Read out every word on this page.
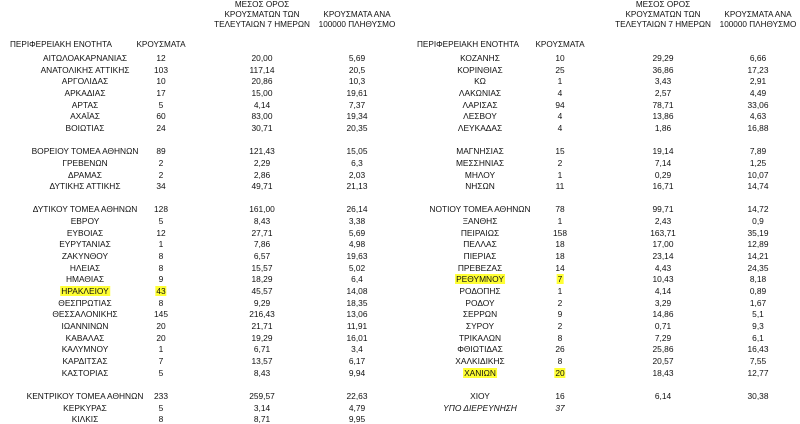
ΠΕΡΙΦΕΡΕΙΑΚΗ ΕΝΟΤΗΤΑ	ΚΡΟΥΣΜΑΤΑ
ΜΕΣΟΣ ΟΡΟΣ
ΚΡΟΥΣΜΑΤΩΝ ΤΩΝ
ΤΕΛΕΥΤΑΙΩΝ 7 ΗΜΕΡΩΝ
ΚΡΟΥΣΜΑΤΑ ΑΝΑ
100000 ΠΛΗΘΥΣΜΟ
ΠΕΡΙΦΕΡΕΙΑΚΗ ΕΝΟΤΗΤΑ ΚΡΟΥΣΜΑΤΑ
ΜΕΣΟΣ ΟΡΟΣ
ΚΡΟΥΣΜΑΤΩΝ ΤΩΝ
ΤΕΛΕΥΤΑΙΩΝ 7 ΗΜΕΡΩΝ
ΚΡΟΥΣΜΑΤΑ ΑΝΑ
100000 ΠΛΗΘΥΣΜΟ
ΑΙΤΩΛΟΑΚΑΡΝΑΝΙΑΣ	12	20,00	5,69
ΑΝΑΤΟΛΙΚΗΣ ΑΤΤΙΚΗΣ	103	117,14	20,5
ΑΡΓΟΛΙΔΑΣ	10	20,86	10,3
ΑΡΚΑΔΙΑΣ	17	15,00	19,61
ΑΡΤΑΣ	5	4,14	7,37
ΑΧΑΪΑΣ	60	83,00	19,34
ΒΟΙΩΤΙΑΣ	24	30,71	20,35
ΒΟΡΕΙΟΥ ΤΟΜΕΑ ΑΘΗΝΩΝ 89	121,43	15,05
ΓΡΕΒΕΝΩΝ	2	2,29	6,3
ΔΡΑΜΑΣ	2	2,86	2,03
ΔΥΤΙΚΗΣ ΑΤΤΙΚΗΣ	34	49,71	21,13
ΔΥΤΙΚΟΥ ΤΟΜΕΑ ΑΘΗΝΩΝ 128	161,00	26,14
ΕΒΡΟΥ	5	8,43	3,38
ΕΥΒΟΙΑΣ	12	27,71	5,69
ΕΥΡΥΤΑΝΙΑΣ	1	7,86	4,98
ΖΑΚΥΝΘΟΥ	8	6,57	19,63
ΗΛΕΙΑΣ	8	15,57	5,02
ΗΜΑΘΙΑΣ	9	18,29	6,4
ΗΡΑΚΛΕΙΟΥ	43	45,57	14,08
ΘΕΣΠΡΩΤΙΑΣ	8	9,29	18,35
ΘΕΣΣΑΛΟΝΙΚΗΣ	145	216,43	13,06
ΙΩΑΝΝΙΝΩΝ	20	21,71	11,91
ΚΑΒΑΛΑΣ	20	19,29	16,01
ΚΑΛΥΜΝΟΥ	1	6,71	3,4
ΚΑΡΔΙΤΣΑΣ	7	13,57	6,17
ΚΑΣΤΟΡΙΑΣ	5	8,43	9,94
ΚΕΝΤΡΙΚΟΥ ΤΟΜΕΑ ΑΘΗΝΩΝ 233	259,57	22,63
ΚΕΡΚΥΡΑΣ	5	3,14	4,79
ΚΙΛΚΙΣ	8	8,71	9,95
ΚΟΖΑΝΗΣ	10	29,29	6,66
ΚΟΡΙΝΘΙΑΣ	25	36,86	17,23
ΚΩ	1	3,43	2,91
ΛΑΚΩΝΙΑΣ	4	2,57	4,49
ΛΑΡΙΣΑΣ	94	78,71	33,06
ΛΕΣΒΟΥ	4	13,86	4,63
ΛΕΥΚΑΔΑΣ	4	1,86	16,88
ΜΑΓΝΗΣΙΑΣ	15	19,14	7,89
ΜΕΣΣΗΝΙΑΣ	2	7,14	1,25
ΜΗΛΟΥ	1	0,29	10,07
ΝΗΣΩΝ	11	16,71	14,74
ΝΟΤΙΟΥ ΤΟΜΕΑ ΑΘΗΝΩΝ	78	99,71	14,72
ΞΑΝΘΗΣ	1	2,43	0,9
ΠΕΙΡΑΙΩΣ	158	163,71	35,19
ΠΕΛΛΑΣ	18	17,00	12,89
ΠΙΕΡΙΑΣ	18	23,14	14,21
ΠΡΕΒΕΖΑΣ	14	4,43	24,35
ΡΕΘΥΜΝΟΥ	7	10,43	8,18
ΡΟΔΟΠΗΣ	1	4,14	0,89
ΡΟΔΟΥ	2	3,29	1,67
ΣΕΡΡΩΝ	9	14,86	5,1
ΣΥΡΟΥ	2	0,71	9,3
ΤΡΙΚΑΛΩΝ	8	7,29	6,1
ΦΘΙΩΤΙΔΑΣ	26	25,86	16,43
ΧΑΛΚΙΔΙΚΗΣ	8	20,57	7,55
ΧΑΝΙΩΝ	20	18,43	12,77
ΧΙΟΥ	16	6,14	30,38
ΥΠΟ ΔΙΕΡΕΥΝΗΣΗ	37
